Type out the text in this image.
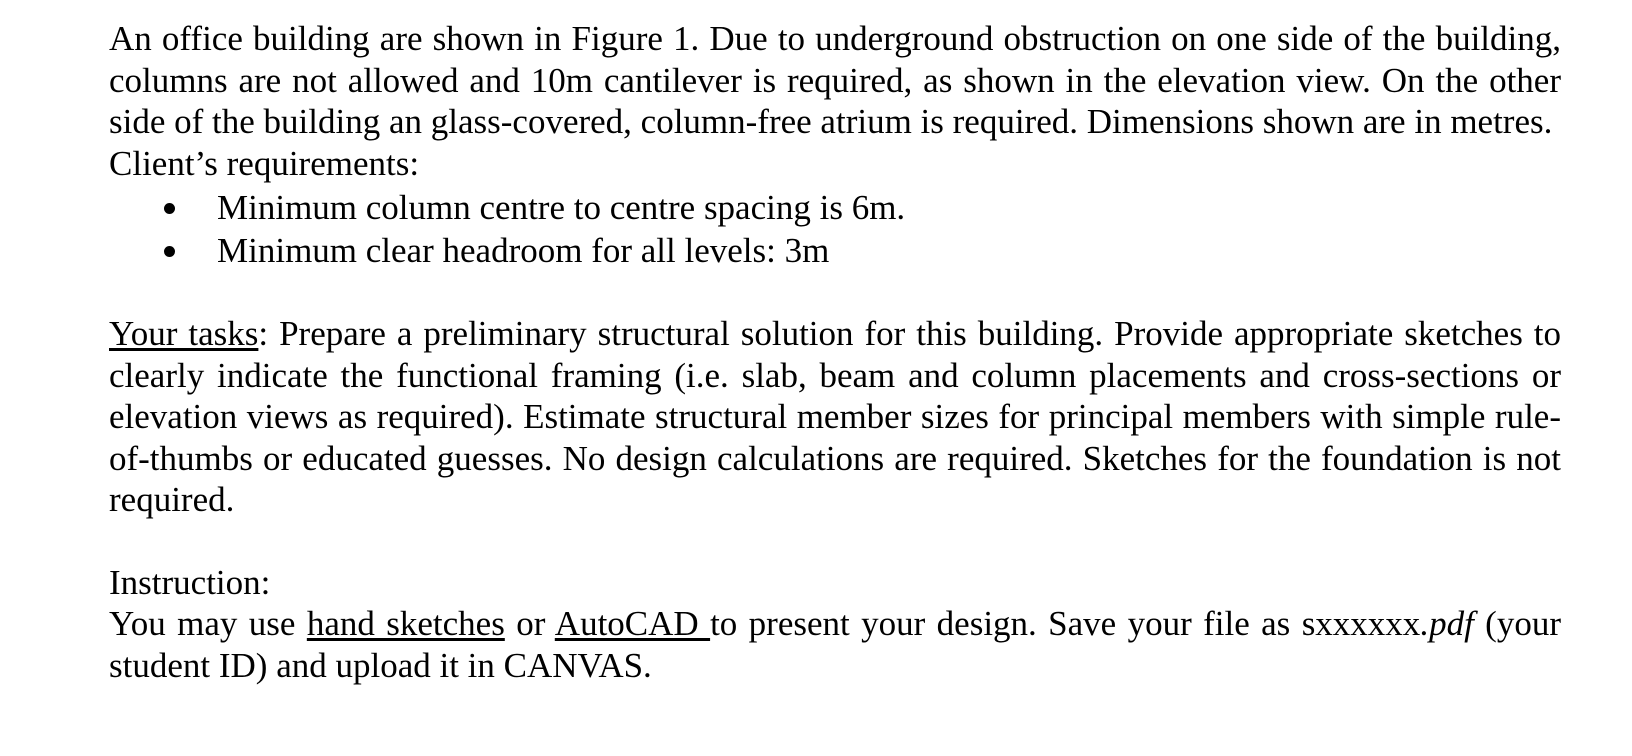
An office building are shown in Figure 1. Due to underground obstruction on one side of the building, columns are not allowed and 10m cantilever is required, as shown in the elevation view. On the other side of the building an glass-covered, column-free atrium is required. Dimensions shown are in metres.

Client’s requirements:

Minimum column centre to centre spacing is 6m.
Minimum clear headroom for all levels: 3m

Your tasks: Prepare a preliminary structural solution for this building. Provide appropriate sketches to clearly indicate the functional framing (i.e. slab, beam and column placements and cross-sections or elevation views as required). Estimate structural member sizes for principal members with simple rule-of-thumbs or educated guesses. No design calculations are required. Sketches for the foundation is not required.

Instruction:

You may use hand sketches or AutoCAD to present your design. Save your file as sxxxxxx.pdf (your student ID) and upload it in CANVAS.
